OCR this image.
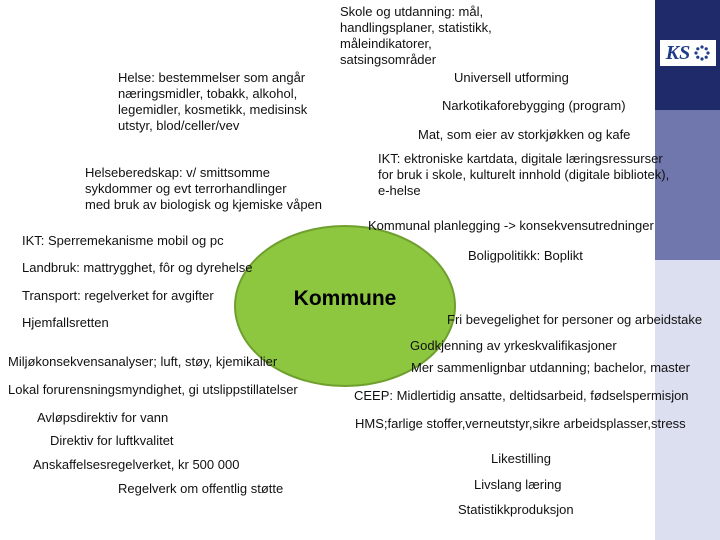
KS
Kommune
Skole og utdanning: mål,
handlingsplaner, statistikk,
måleindikatorer,
satsingsområder
Helse: bestemmelser som angår
næringsmidler, tobakk, alkohol,
legemidler, kosmetikk, medisinsk
utstyr, blod/celler/vev
Universell utforming
Narkotikaforebygging (program)
Mat, som eier av storkjøkken og kafe
IKT: ektroniske kartdata, digitale læringsressurser
for bruk i skole, kulturelt innhold (digitale bibliotek),
e-helse
Helseberedskap: v/ smittsomme
sykdommer og evt terrorhandlinger
med bruk av biologisk og kjemiske våpen
Kommunal planlegging -> konsekvensutredninger
IKT: Sperremekanisme mobil og pc
Boligpolitikk: Boplikt
Landbruk: mattrygghet, fôr og dyrehelse
Transport: regelverket for avgifter
Fri bevegelighet for personer og arbeidstake
Hjemfallsretten
Godkjenning av yrkeskvalifikasjoner
Miljøkonsekvensanalyser; luft, støy, kjemikalier	Mer sammenlignbar utdanning; bachelor, master
Lokal forurensningsmyndighet, gi utslippstillatelser	CEEP: Midlertidig ansatte, deltidsarbeid, fødselspermisjon
Avløpsdirektiv for vann	HMS;farlige stoffer,verneutstyr,sikre arbeidsplasser,stress
Direktiv for luftkvalitet
Likestilling
Anskaffelsesregelverket, kr 500 000
Livslang læring
Regelverk om offentlig støtte
Statistikkproduksjon
